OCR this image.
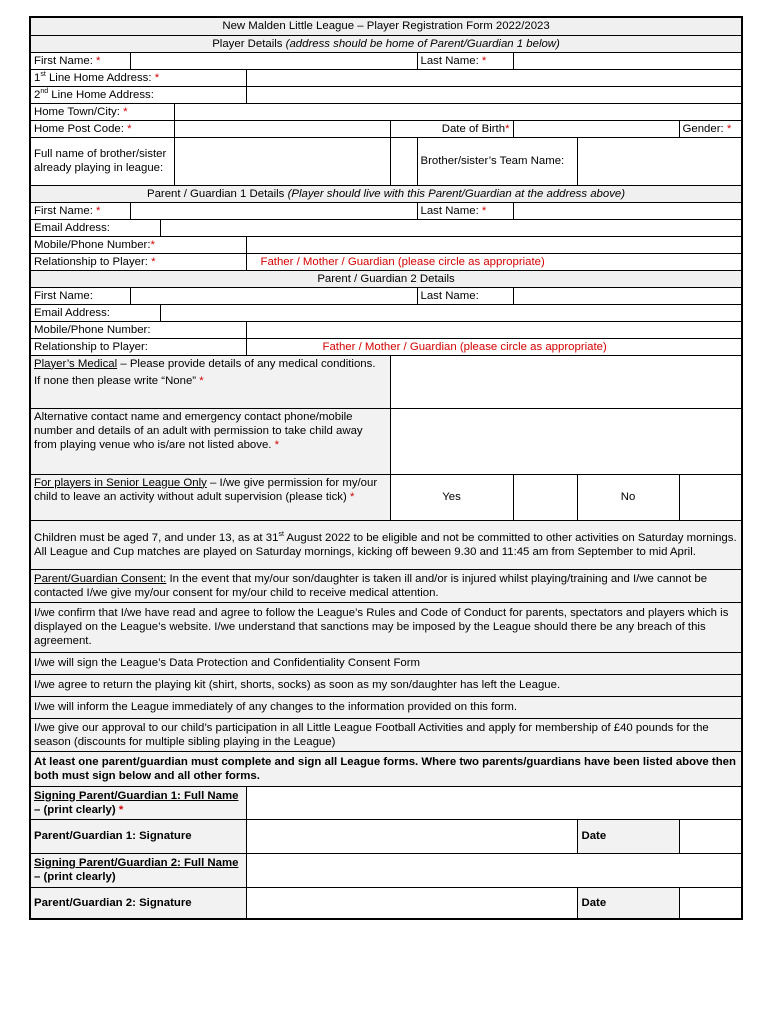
New Malden Little League – Player Registration Form 2022/2023									
Player Details (address should be home of Parent/Guardian 1 below)									
First Name: *						Last Name: *			
1st Line Home Address: *									
2nd Line Home Address:									
Home Town/City: *									
Home Post Code: *					Date of Birth*				Gender: *
Full name of brother/sister already playing in league:						Brother/sister’s Team Name:			
Parent / Guardian 1 Details (Player should live with this Parent/Guardian at the address above)									
First Name: *						Last Name: *			
Email Address:									
Mobile/Phone Number:*									
Relationship to Player: *				Father / Mother / Guardian (please circle as appropriate)					
Parent / Guardian 2 Details									
First Name:						Last Name:			
Email Address:									
Mobile/Phone Number:									
Relationship to Player:				Father / Mother / Guardian (please circle as appropriate)					
Player’s Medical – Please provide details of any medical conditions.
If none then please write “None” *									
Alternative contact name and emergency contact phone/mobile number and details of an adult with permission to take child away from playing venue who is/are not listed above. *									
For players in Senior League Only – I/we give permission for my/our child to leave an activity without adult supervision (please tick) *					Yes			No	
Children must be aged 7, and under 13, as at 31st August 2022 to be eligible and not be committed to other activities on Saturday mornings. All League and Cup matches are played on Saturday mornings, kicking off beween 9.30 and 11:45 am from September to mid April.									
Parent/Guardian Consent: In the event that my/our son/daughter is taken ill and/or is injured whilst playing/training and I/we cannot be contacted I/we give my/our consent for my/our child to receive medical attention.									
I/we confirm that I/we have read and agree to follow the League’s Rules and Code of Conduct for parents, spectators and players which is displayed on the League’s website. I/we understand that sanctions may be imposed by the League should there be any breach of this agreement.									
I/we will sign the League’s Data Protection and Confidentiality Consent Form									
I/we agree to return the playing kit (shirt, shorts, socks) as soon as my son/daughter has left the League.									
I/we will inform the League immediately of any changes to the information provided on this form.									
I/we give our approval to our child’s participation in all Little League Football Activities and apply for membership of £40 pounds for the season (discounts for multiple sibling playing in the League)									
At least one parent/guardian must complete and sign all League forms. Where two parents/guardians have been listed above then both must sign below and all other forms.									
Signing Parent/Guardian 1: Full Name – (print clearly) *									
Parent/Guardian 1: Signature								Date	
Signing Parent/Guardian 2: Full Name – (print clearly)									
Parent/Guardian 2: Signature								Date	
